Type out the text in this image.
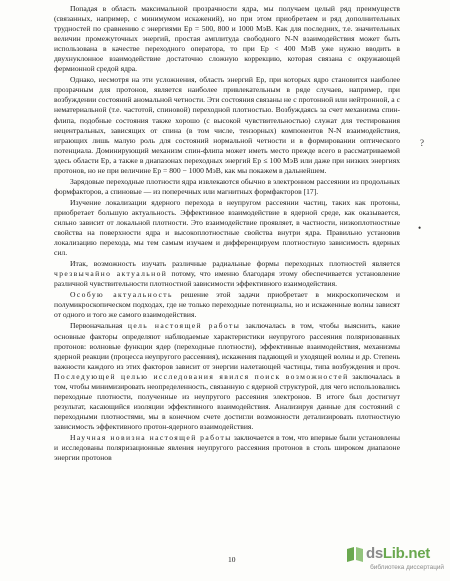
Попадая в область максимальной прозрачности ядра, мы получаем целый ряд преимуществ (связанных, например, с минимумом искажений), но при этом приобретаем и ряд дополнительных трудностей по сравнению с энергиями Ep = 500, 800 и 1000 МэВ. Как для последних, т.е. значительных величин промежуточных энергий, простая амплитуда свободного N-N взаимодействия может быть использована в качестве переходного оператора, то при Ep < 400 МэВ уже нужно вводить в двухнуклонное взаимодействие достаточно сложную коррекцию, которая связана с окружающей фермионной средой ядра.

Однако, несмотря на эти усложнения, область энергий Ep, при которых ядро становится наиболее прозрачным для протонов, является наиболее привлекательным в ряде случаев, например, при возбуждении состояний аномальной четности. Эти состояния связаны не с протонной или нейтронной, а с нематериальной (т.е. частотой, спиновой) переходной плотностью. Возбуждаясь за счет механизма спин-флипа, подобные состояния также хорошо (с высокой чувствительностью) служат для тестирования нецентральных, зависящих от спина (в том числе, тензорных) компонентов N-N взаимодействия, играющих лишь малую роль для состояний нормальной четности и в формировании оптического потенциала. Доминирующий механизм спин-флипа может иметь место прежде всего в рассматриваемой здесь области Ep, а также в диапазонах переходных энергий Ep ≤ 100 МэВ или даже при низких энергиях протонов, но не при величине Ep = 800 − 1000 МэВ, как мы покажем в дальнейшем.

Зарядовые переходные плотности ядра извлекаются обычно в электронном рассеянии из продольных формфакторов, а спиновые — из поперечных или магнитных формфакторов [17].

Изучение локализации ядерного перехода в неупругом рассеянии частиц, таких как протоны, приобретает большую актуальность. Эффективное взаимодействие в ядерной среде, как оказывается, сильно зависит от локальной плотности. Это взаимодействие проявляет, в частности, низкоплотностные свойства на поверхности ядра и высокоплотностные свойства внутри ядра. Правильно установив локализацию перехода, мы тем самым изучаем и дифференцируем плотностную зависимость ядерных сил.

Итак, возможность изучать различные радиальные формы переходных плотностей является чрезвычайно актуальной потому, что именно благодаря этому обеспечивается установление различной чувствительности плотностной зависимости эффективного взаимодействия.

Особую актуальность решение этой задачи приобретает в микроскопическом и полумикроскопическом подходах, где не только переходные потенциалы, но и искаженные волны зависят от одного и того же самого взаимодействия.

Первоначальная цель настоящей работы заключалась в том, чтобы выяснить, какие основные факторы определяют наблюдаемые характеристики неупругого рассеяния поляризованных протонов: волновые функции ядер (переходные плотности), эффективные взаимодействия, механизмы ядерной реакции (процесса неупругого рассеяния), искажения падающей и уходящей волны и др. Степень важности каждого из этих факторов зависит от энергии налетающей частицы, типа возбуждения и проч. Последующей целью исследования явился поиск возможностей заключалась в том, чтобы минимизировать неопределенность, связанную с ядерной структурой, для чего использовались переходные плотности, полученные из неупругого рассеяния электронов. В итоге был достигнут результат, касающийся изоляции эффективного взаимодействия. Анализируя данные для состояний с переходными плотностями, мы в конечном счете достигли возможности детализировать плотностную зависимость эффективного протон-ядерного взаимодействия.

Научная новизна настоящей работы заключается в том, что впервые были установлены и исследованы поляризационные явления неупругого рассеяния протонов в столь широком диапазоне энергии протонов

?
•
10	dsLib.net
библиотека диссертаций
